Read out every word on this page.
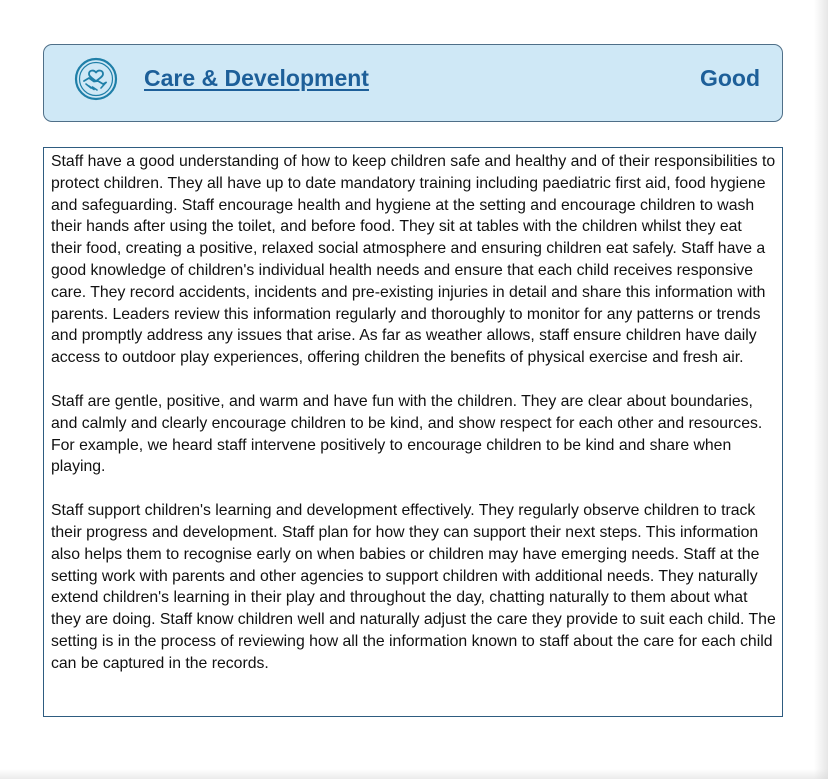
Care & Development	Good

Staff have a good understanding of how to keep children safe and healthy and of their responsibilities to protect children. They all have up to date mandatory training including paediatric first aid, food hygiene and safeguarding. Staff encourage health and hygiene at the setting and encourage children to wash their hands after using the toilet, and before food. They sit at tables with the children whilst they eat their food, creating a positive, relaxed social atmosphere and ensuring children eat safely. Staff have a good knowledge of children's individual health needs and ensure that each child receives responsive care. They record accidents, incidents and pre-existing injuries in detail and share this information with parents. Leaders review this information regularly and thoroughly to monitor for any patterns or trends and promptly address any issues that arise. As far as weather allows, staff ensure children have daily access to outdoor play experiences, offering children the benefits of physical exercise and fresh air.

Staff are gentle, positive, and warm and have fun with the children. They are clear about boundaries, and calmly and clearly encourage children to be kind, and show respect for each other and resources. For example, we heard staff intervene positively to encourage children to be kind and share when playing.

Staff support children's learning and development effectively. They regularly observe children to track their progress and development. Staff plan for how they can support their next steps. This information also helps them to recognise early on when babies or children may have emerging needs. Staff at the setting work with parents and other agencies to support children with additional needs. They naturally extend children's learning in their play and throughout the day, chatting naturally to them about what they are doing. Staff know children well and naturally adjust the care they provide to suit each child. The setting is in the process of reviewing how all the information known to staff about the care for each child can be captured in the records.
